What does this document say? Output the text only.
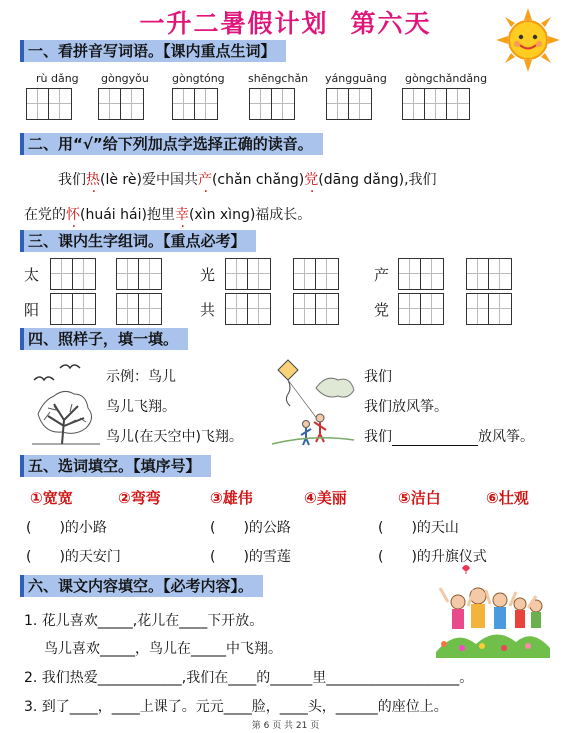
一升二暑假计划 第六天
一、看拼音写词语。【课内重点生词】
rù dǎng gòngyǒu gòngtóng shēngchǎn yángguāng gòngchǎndǎng
二、用“√”给下列加点字选择正确的读音。
我们热(lè rè)爱中国共产(chǎn chǎng)党(dāng dǎng),我们
在党的怀(huái hái)抱里幸(xìn xìng)福成长。
三、课内生字组词。【重点必考】
太	光	产
阳	共	党
四、照样子，填一填。
示例：鸟儿
鸟儿飞翔。
鸟儿(在天空中)飞翔。
我们
我们放风筝。
我们	放风筝。
五、选词填空。【填序号】
①宽宽	②弯弯	③雄伟	④美丽	⑤洁白	⑥壮观
(　　)的小路	(　　)的公路	(　　)的天山
(　　)的天安门	(　　)的雪莲	(　　)的升旗仪式
六、课文内容填空。【必考内容】。
1. 花儿喜欢_____,花儿在____下开放。
鸟儿喜欢_____，鸟儿在_____中飞翔。
2. 我们热爱____________,我们在____的______里___________________。
3. 到了____，____上课了。元元____脸，____头，______的座位上。
第 6 页 共 21 页
